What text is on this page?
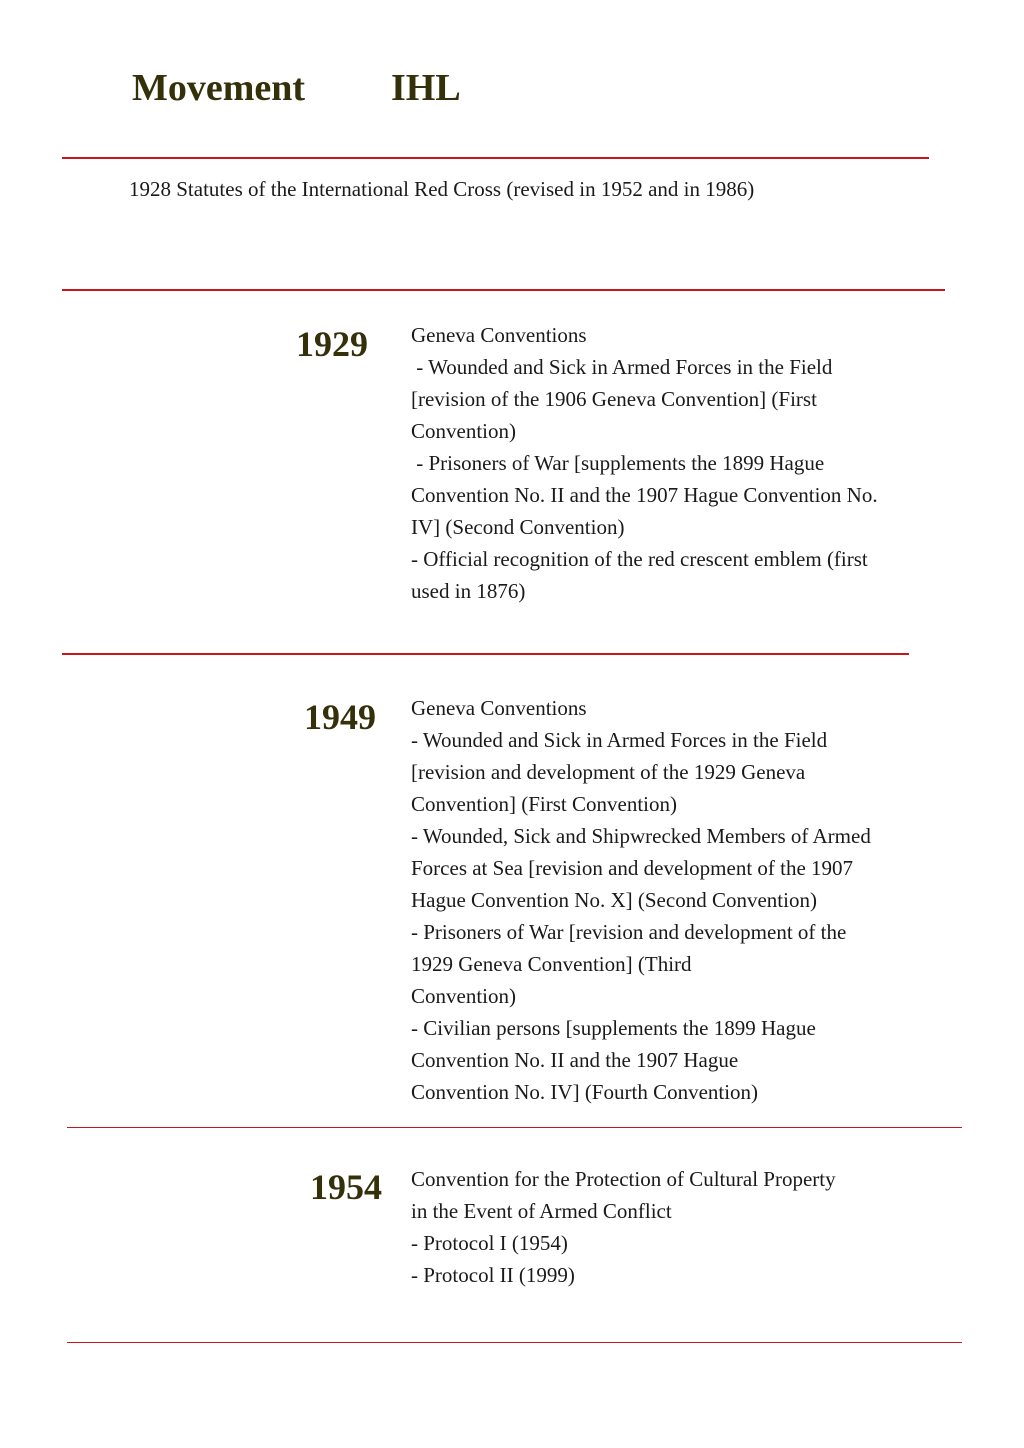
Movement IHL
1928 Statutes of the International Red Cross (revised in 1952 and in 1986)
1929 Geneva Conventions
- Wounded and Sick in Armed Forces in the Field
[revision of the 1906 Geneva Convention] (First
Convention)
- Prisoners of War [supplements the 1899 Hague
Convention No. II and the 1907 Hague Convention No.
IV] (Second Convention)
- Official recognition of the red crescent emblem (first
used in 1876)
1949 Geneva Conventions
- Wounded and Sick in Armed Forces in the Field
[revision and development of the 1929 Geneva
Convention] (First Convention)
- Wounded, Sick and Shipwrecked Members of Armed
Forces at Sea [revision and development of the 1907
Hague Convention No. X] (Second Convention)
- Prisoners of War [revision and development of the
1929 Geneva Convention] (Third
Convention)
- Civilian persons [supplements the 1899 Hague
Convention No. II and the 1907 Hague
Convention No. IV] (Fourth Convention)
1954 Convention for the Protection of Cultural Property
in the Event of Armed Conflict
- Protocol I (1954)
- Protocol II (1999)
